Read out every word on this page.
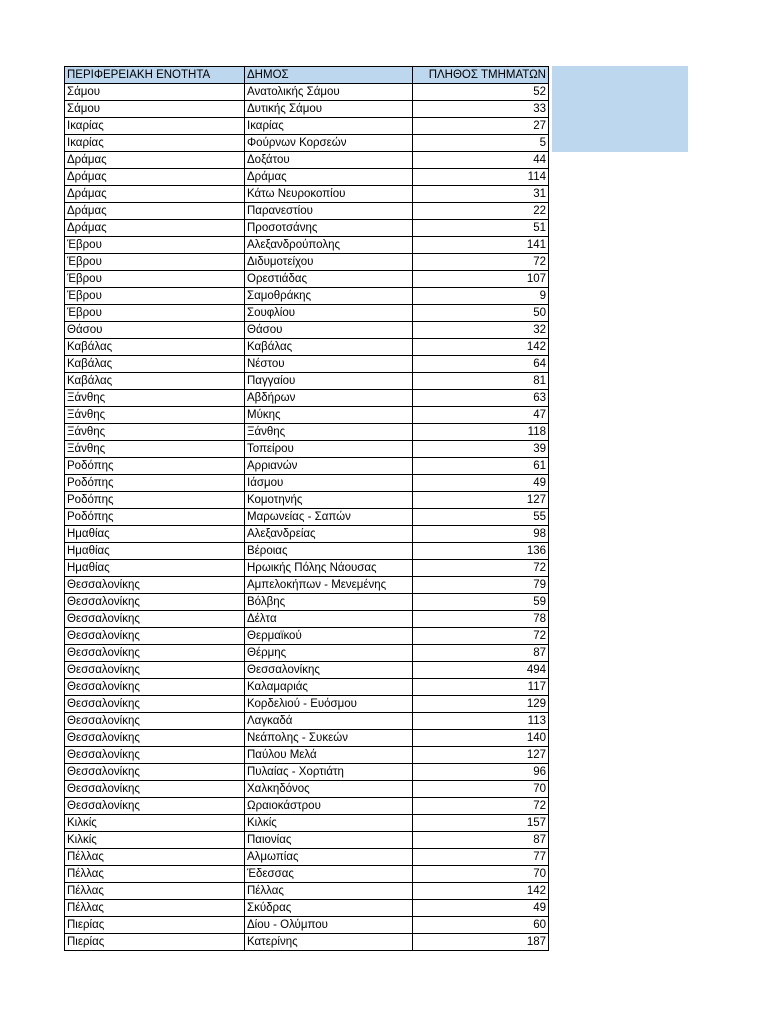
ΠΕΡΙΦΕΡΕΙΑΚΗ ΕΝΟΤΗΤΑ	ΔΗΜΟΣ	ΠΛΗΘΟΣ ΤΜΗΜΑΤΩΝ
Σάμου	Ανατολικής Σάμου	52
Σάμου	Δυτικής Σάμου	33
Ικαρίας	Ικαρίας	27
Ικαρίας	Φούρνων Κορσεών	5
Δράμας	Δοξάτου	44
Δράμας	Δράμας	114
Δράμας	Κάτω Νευροκοπίου	31
Δράμας	Παρανεστίου	22
Δράμας	Προσοτσάνης	51
Έβρου	Αλεξανδρούπολης	141
Έβρου	Διδυμοτείχου	72
Έβρου	Ορεστιάδας	107
Έβρου	Σαμοθράκης	9
Έβρου	Σουφλίου	50
Θάσου	Θάσου	32
Καβάλας	Καβάλας	142
Καβάλας	Νέστου	64
Καβάλας	Παγγαίου	81
Ξάνθης	Αβδήρων	63
Ξάνθης	Μύκης	47
Ξάνθης	Ξάνθης	118
Ξάνθης	Τοπείρου	39
Ροδόπης	Αρριανών	61
Ροδόπης	Ιάσμου	49
Ροδόπης	Κομοτηνής	127
Ροδόπης	Μαρωνείας - Σαπών	55
Ημαθίας	Αλεξανδρείας	98
Ημαθίας	Βέροιας	136
Ημαθίας	Ηρωικής Πόλης Νάουσας	72
Θεσσαλονίκης	Αμπελοκήπων - Μενεμένης	79
Θεσσαλονίκης	Βόλβης	59
Θεσσαλονίκης	Δέλτα	78
Θεσσαλονίκης	Θερμαϊκού	72
Θεσσαλονίκης	Θέρμης	87
Θεσσαλονίκης	Θεσσαλονίκης	494
Θεσσαλονίκης	Καλαμαριάς	117
Θεσσαλονίκης	Κορδελιού - Ευόσμου	129
Θεσσαλονίκης	Λαγκαδά	113
Θεσσαλονίκης	Νεάπολης - Συκεών	140
Θεσσαλονίκης	Παύλου Μελά	127
Θεσσαλονίκης	Πυλαίας - Χορτιάτη	96
Θεσσαλονίκης	Χαλκηδόνος	70
Θεσσαλονίκης	Ωραιοκάστρου	72
Κιλκίς	Κιλκίς	157
Κιλκίς	Παιονίας	87
Πέλλας	Αλμωπίας	77
Πέλλας	Έδεσσας	70
Πέλλας	Πέλλας	142
Πέλλας	Σκύδρας	49
Πιερίας	Δίου - Ολύμπου	60
Πιερίας	Κατερίνης	187
